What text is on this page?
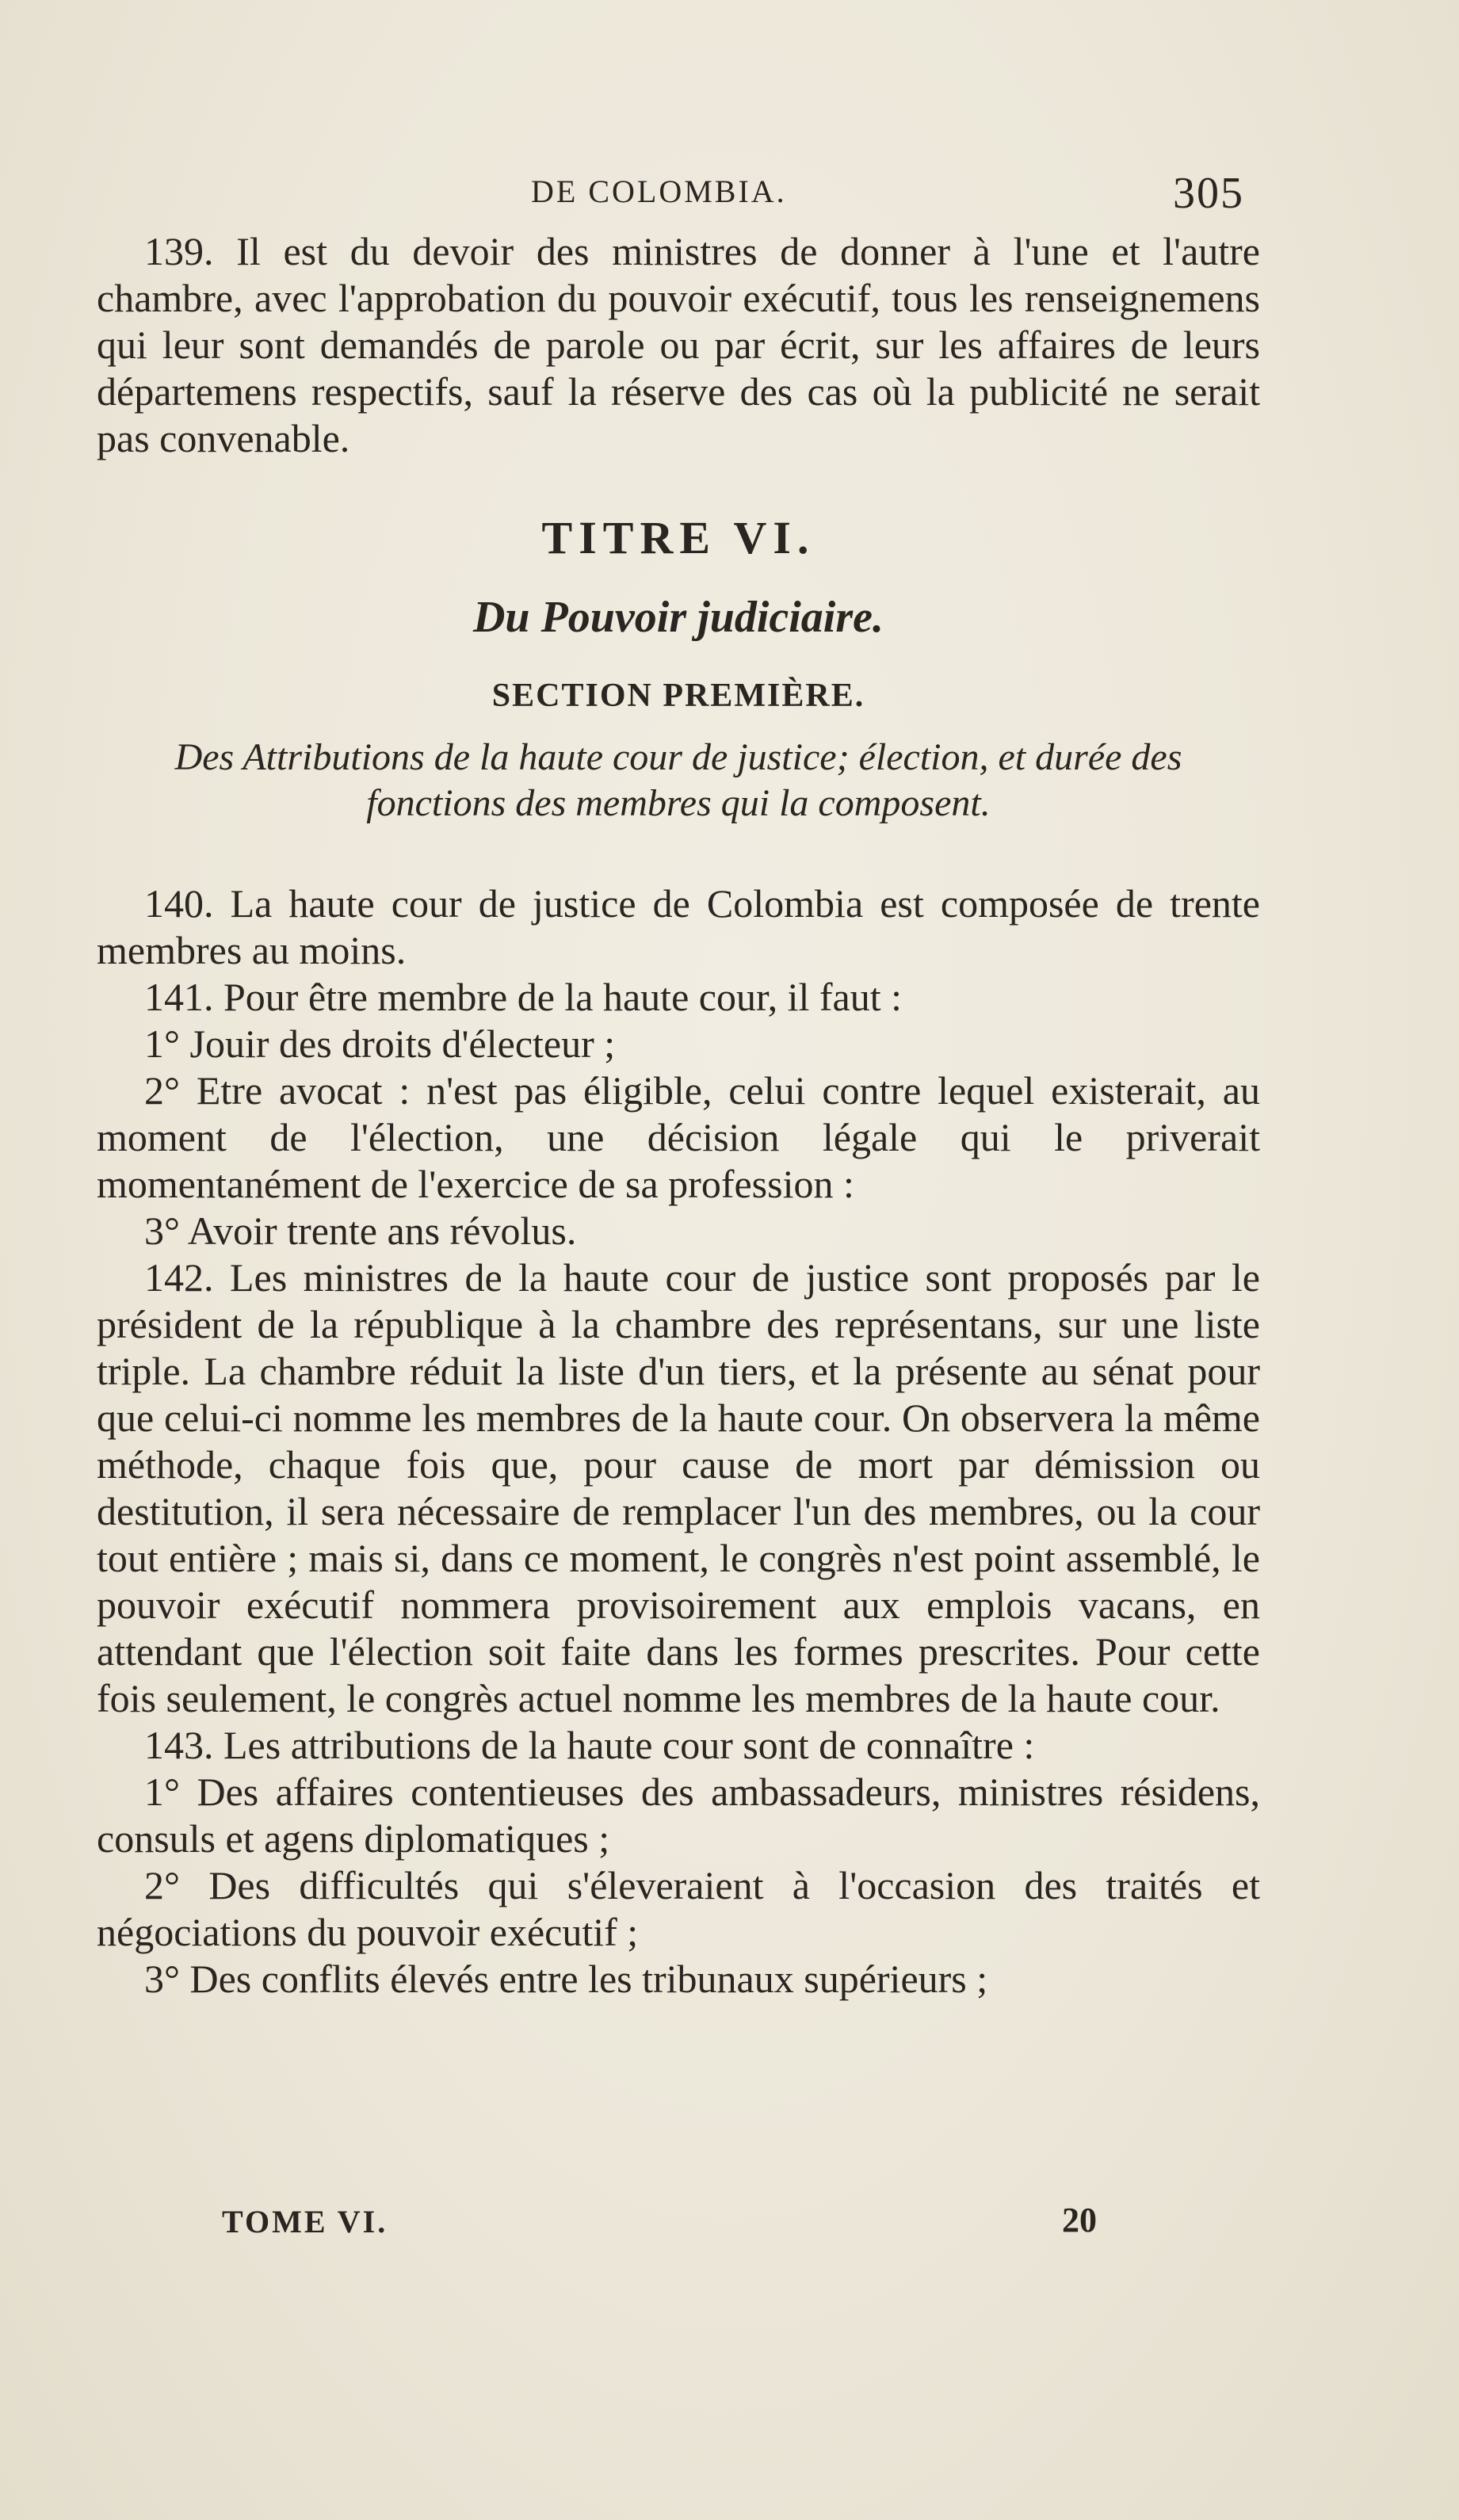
DE COLOMBIA.	305

139. Il est du devoir des ministres de donner à l'une et l'autre chambre, avec l'approbation du pouvoir exécutif, tous les renseignemens qui leur sont demandés de parole ou par écrit, sur les affaires de leurs départemens respectifs, sauf la réserve des cas où la publicité ne serait pas convenable.

TITRE VI.
Du Pouvoir judiciaire.
SECTION PREMIÈRE.

Des Attributions de la haute cour de justice; élection, et durée des fonctions des membres qui la composent.

140. La haute cour de justice de Colombia est composée de trente membres au moins.

141. Pour être membre de la haute cour, il faut :

1° Jouir des droits d'électeur ;

2° Etre avocat : n'est pas éligible, celui contre lequel existerait, au moment de l'élection, une décision légale qui le priverait momentanément de l'exercice de sa profession :

3° Avoir trente ans révolus.

142. Les ministres de la haute cour de justice sont proposés par le président de la république à la chambre des représentans, sur une liste triple. La chambre réduit la liste d'un tiers, et la présente au sénat pour que celui-ci nomme les membres de la haute cour. On observera la même méthode, chaque fois que, pour cause de mort par démission ou destitution, il sera nécessaire de remplacer l'un des membres, ou la cour tout entière ; mais si, dans ce moment, le congrès n'est point assemblé, le pouvoir exécutif nommera provisoirement aux emplois vacans, en attendant que l'élection soit faite dans les formes prescrites. Pour cette fois seulement, le congrès actuel nomme les membres de la haute cour.

143. Les attributions de la haute cour sont de connaître :

1° Des affaires contentieuses des ambassadeurs, ministres résidens, consuls et agens diplomatiques ;

2° Des difficultés qui s'éleveraient à l'occasion des traités et négociations du pouvoir exécutif ;

3° Des conflits élevés entre les tribunaux supérieurs ;

TOME VI.	20
